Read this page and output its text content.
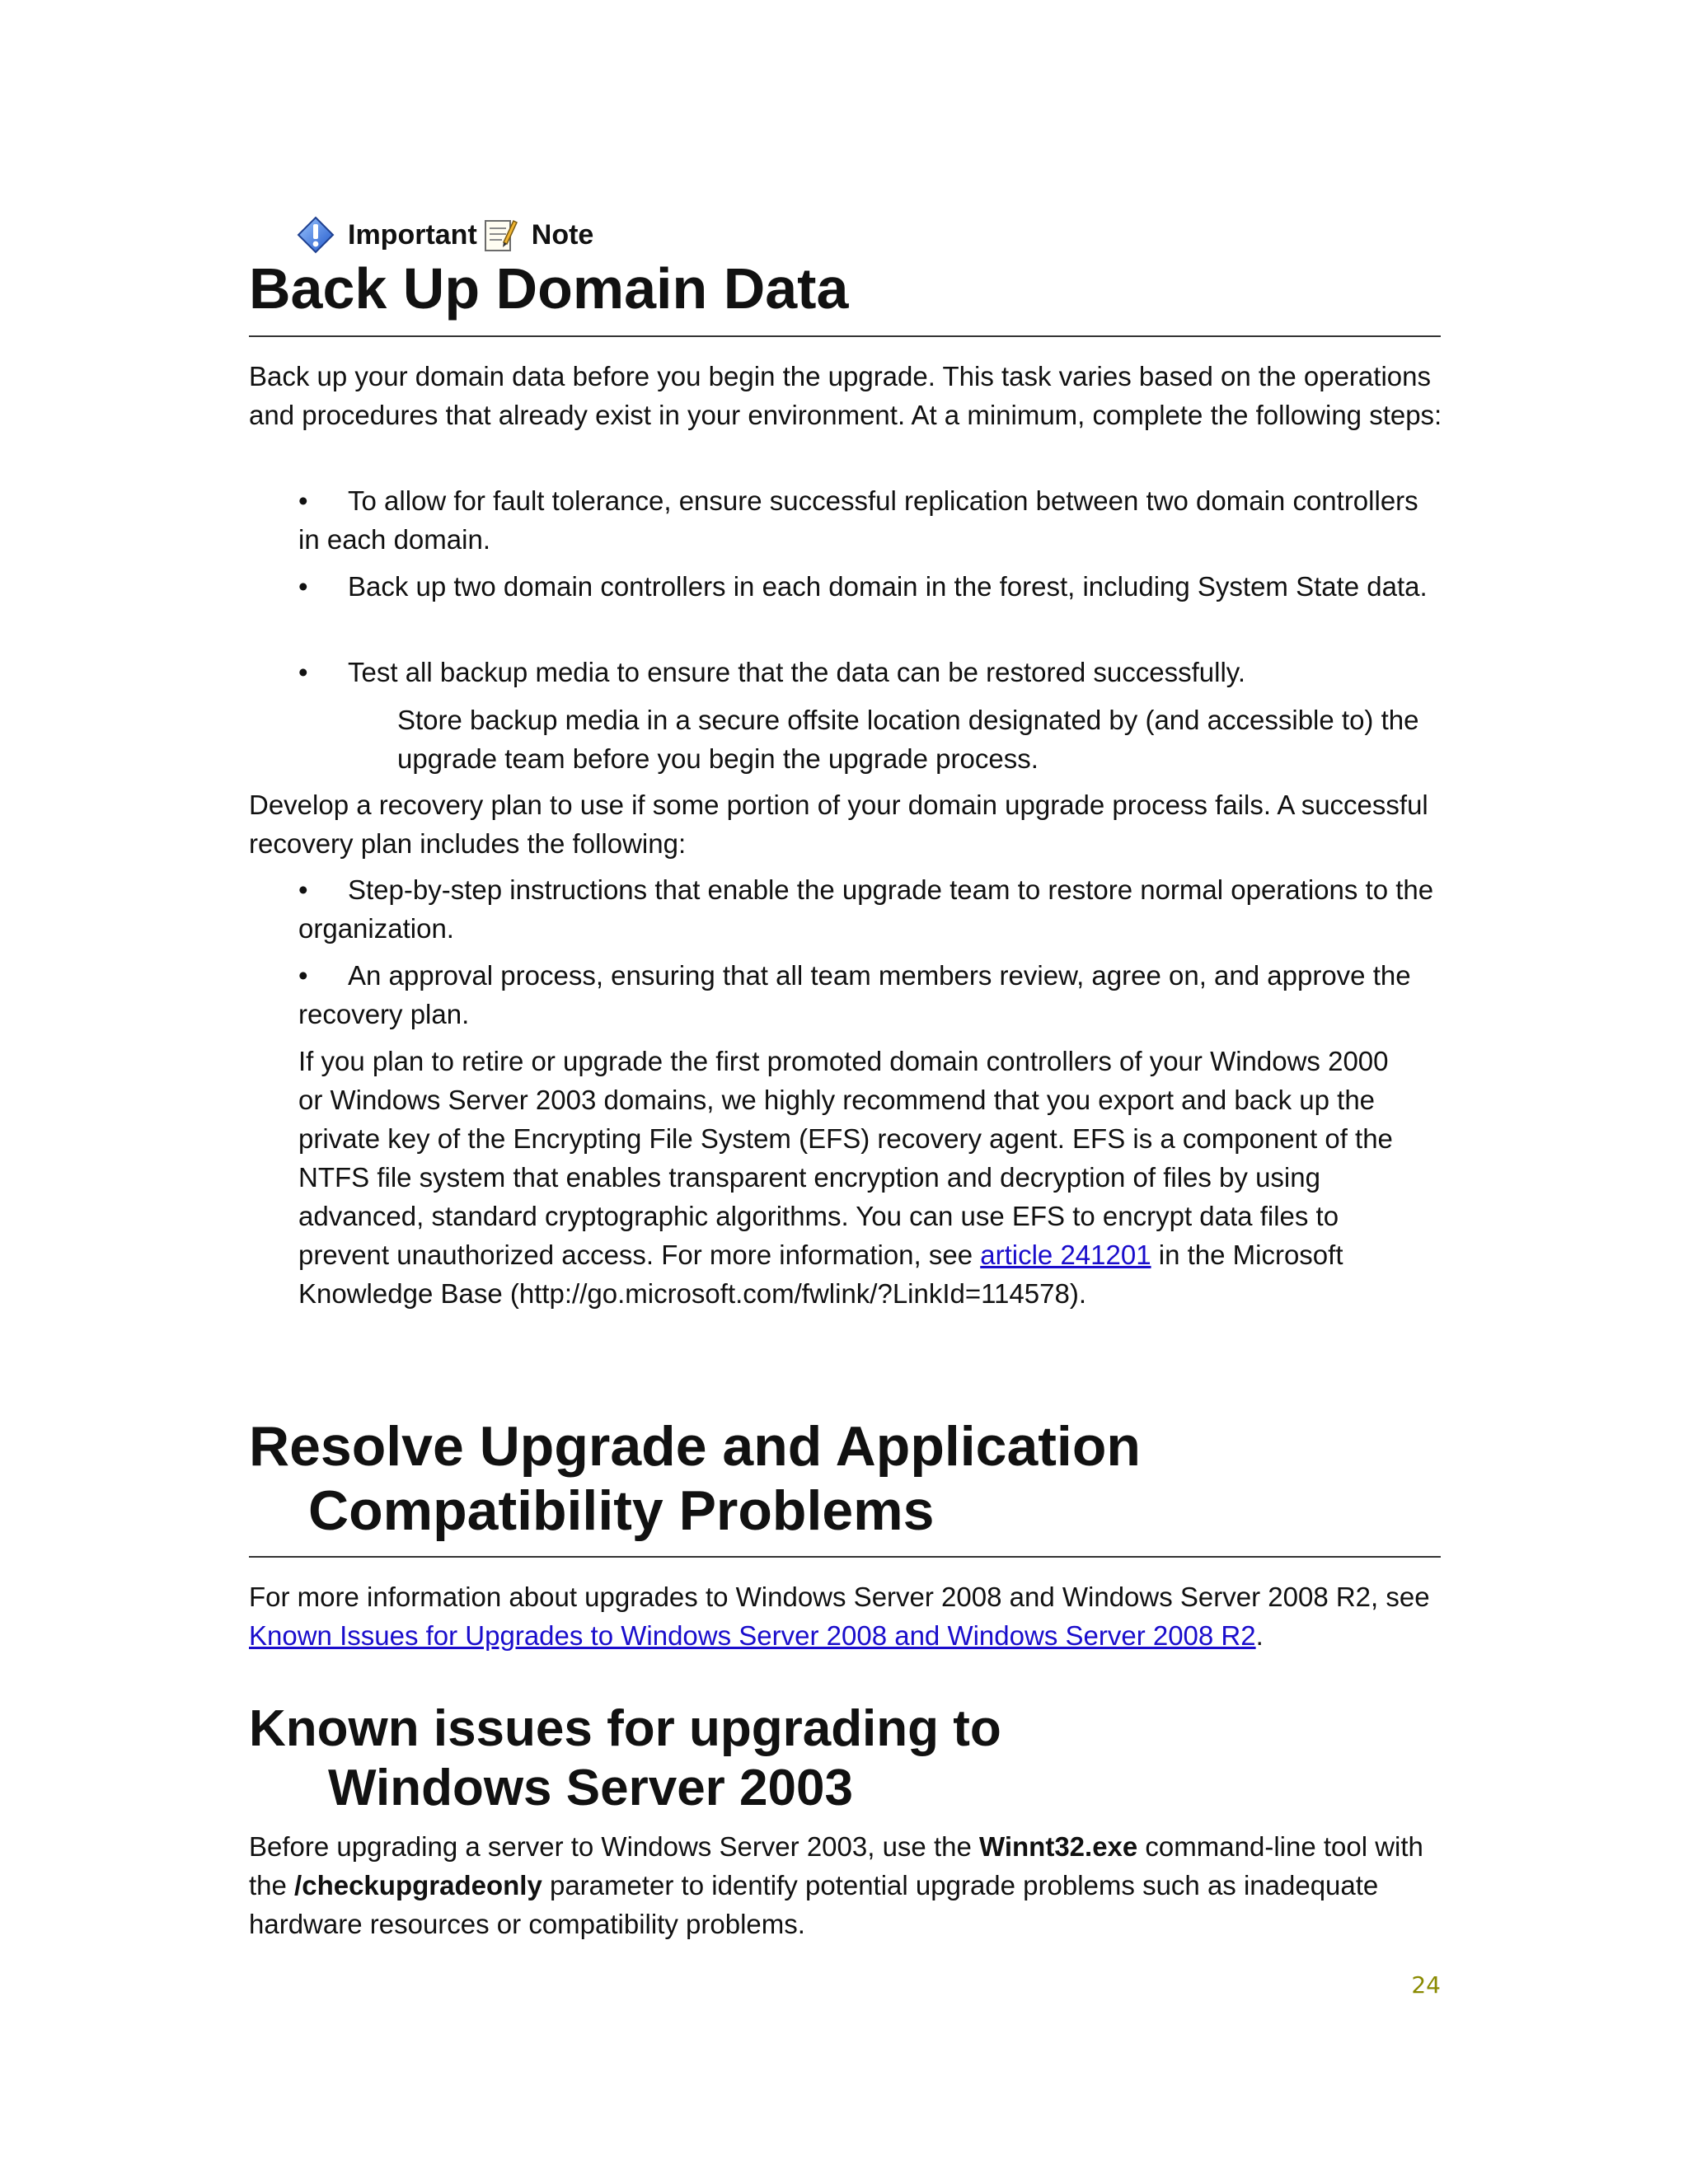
Important Note
Back Up Domain Data

Back up your domain data before you begin the upgrade. This task varies based on the operations and procedures that already exist in your environment. At a minimum, complete the following steps:

•	To allow for fault tolerance, ensure successful replication between two domain controllers in each domain.

•	Back up two domain controllers in each domain in the forest, including System State data.

•	Test all backup media to ensure that the data can be restored successfully.

Store backup media in a secure offsite location designated by (and accessible to) the upgrade team before you begin the upgrade process.

Develop a recovery plan to use if some portion of your domain upgrade process fails. A successful recovery plan includes the following:

•	Step-by-step instructions that enable the upgrade team to restore normal operations to the organization.

•	An approval process, ensuring that all team members review, agree on, and approve the recovery plan.

If you plan to retire or upgrade the first promoted domain controllers of your Windows 2000 or Windows Server 2003 domains, we highly recommend that you export and back up the private key of the Encrypting File System (EFS) recovery agent. EFS is a component of the NTFS file system that enables transparent encryption and decryption of files by using advanced, standard cryptographic algorithms. You can use EFS to encrypt data files to prevent unauthorized access. For more information, see article 241201 in the Microsoft Knowledge Base (http://go.microsoft.com/fwlink/?LinkId=114578).

Resolve Upgrade and Application
Compatibility Problems

For more information about upgrades to Windows Server 2008 and Windows Server 2008 R2, see Known Issues for Upgrades to Windows Server 2008 and Windows Server 2008 R2.

Known issues for upgrading to
Windows Server 2003

Before upgrading a server to Windows Server 2003, use the Winnt32.exe command-line tool with the /checkupgradeonly parameter to identify potential upgrade problems such as inadequate hardware resources or compatibility problems.

24
